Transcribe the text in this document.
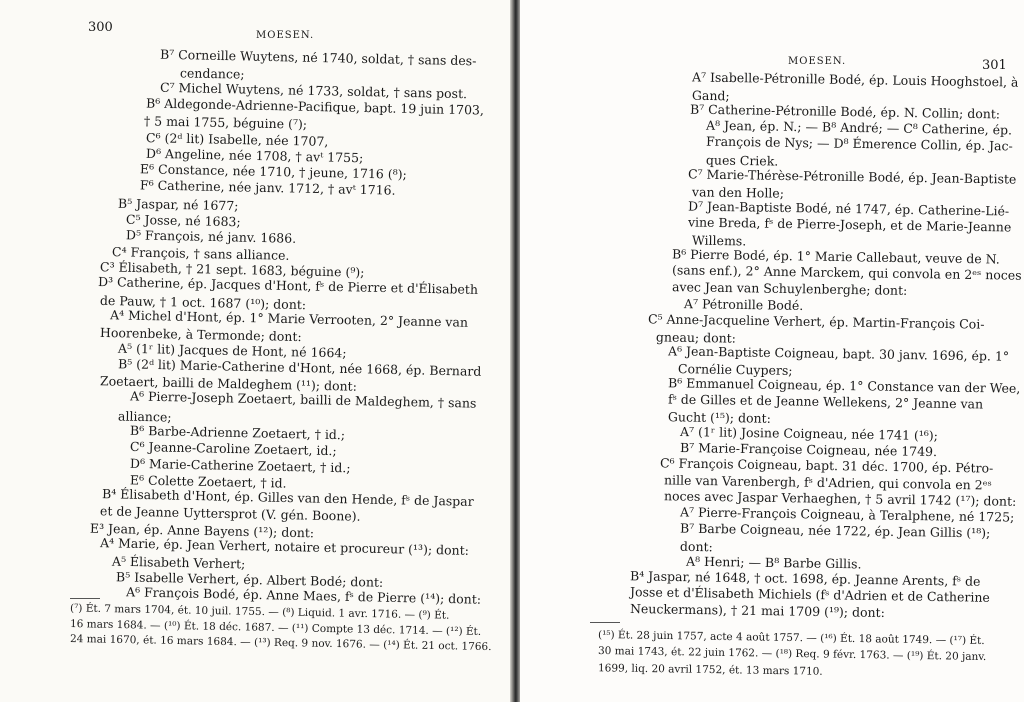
300
MOESEN.
B⁷ Corneille Wuytens, né 1740, soldat, † sans des-
cendance;
C⁷ Michel Wuytens, né 1733, soldat, † sans post.
B⁶ Aldegonde-Adrienne-Pacifique, bapt. 19 juin 1703,
† 5 mai 1755, béguine (⁷);
C⁶ (2ᵈ lit) Isabelle, née 1707,
D⁶ Angeline, née 1708, † avᵗ 1755;
E⁶ Constance, née 1710, † jeune, 1716 (⁸);
F⁶ Catherine, née janv. 1712, † avᵗ 1716.
B⁵ Jaspar, né 1677;
C⁵ Josse, né 1683;
D⁵ François, né janv. 1686.
C⁴ François, † sans alliance.
C³ Élisabeth, † 21 sept. 1683, béguine (⁹);
D³ Catherine, ép. Jacques d'Hont, fˢ de Pierre et d'Élisabeth
de Pauw, † 1 oct. 1687 (¹⁰); dont:
A⁴ Michel d'Hont, ép. 1° Marie Verrooten, 2° Jeanne van
Hoorenbeke, à Termonde; dont:
A⁵ (1ʳ lit) Jacques de Hont, né 1664;
B⁵ (2ᵈ lit) Marie-Catherine d'Hont, née 1668, ép. Bernard
Zoetaert, bailli de Maldeghem (¹¹); dont:
A⁶ Pierre-Joseph Zoetaert, bailli de Maldeghem, † sans
alliance;
B⁶ Barbe-Adrienne Zoetaert, † id.;
C⁶ Jeanne-Caroline Zoetaert, id.;
D⁶ Marie-Catherine Zoetaert, † id.;
E⁶ Colette Zoetaert, † id.
B⁴ Élisabeth d'Hont, ép. Gilles van den Hende, fˢ de Jaspar
et de Jeanne Uyttersprot (V. gén. Boone).
E³ Jean, ép. Anne Bayens (¹²); dont:
A⁴ Marie, ép. Jean Verhert, notaire et procureur (¹³); dont:
A⁵ Élisabeth Verhert;
B⁵ Isabelle Verhert, ép. Albert Bodé; dont:
A⁶ François Bodé, ép. Anne Maes, fˢ de Pierre (¹⁴); dont:
(⁷) Ét. 7 mars 1704, ét. 10 juil. 1755. — (⁸) Liquid. 1 avr. 1716. — (⁹) Ét.
16 mars 1684. — (¹⁰) Ét. 18 déc. 1687. — (¹¹) Compte 13 déc. 1714. — (¹²) Ét.
24 mai 1670, ét. 16 mars 1684. — (¹³) Req. 9 nov. 1676. — (¹⁴) Ét. 21 oct. 1766.
MOESEN.	301
A⁷ Isabelle-Pétronille Bodé, ép. Louis Hooghstoel, à
Gand;
B⁷ Catherine-Pétronille Bodé, ép. N. Collin; dont:
A⁸ Jean, ép. N.; — B⁸ André; — C⁸ Catherine, ép.
François de Nys; — D⁸ Émerence Collin, ép. Jac-
ques Criek.
C⁷ Marie-Thérèse-Pétronille Bodé, ép. Jean-Baptiste
van den Holle;
D⁷ Jean-Baptiste Bodé, né 1747, ép. Catherine-Lié-
vine Breda, fˢ de Pierre-Joseph, et de Marie-Jeanne
Willems.
B⁶ Pierre Bodé, ép. 1° Marie Callebaut, veuve de N.
(sans enf.), 2° Anne Marckem, qui convola en 2ᵉˢ noces
avec Jean van Schuylenberghe; dont:
A⁷ Pétronille Bodé.
C⁵ Anne-Jacqueline Verhert, ép. Martin-François Coi-
gneau; dont:
A⁶ Jean-Baptiste Coigneau, bapt. 30 janv. 1696, ép. 1°
Cornélie Cuypers;
B⁶ Emmanuel Coigneau, ép. 1° Constance van der Wee,
fˢ de Gilles et de Jeanne Wellekens, 2° Jeanne van
Gucht (¹⁵); dont:
A⁷ (1ʳ lit) Josine Coigneau, née 1741 (¹⁶);
B⁷ Marie-Françoise Coigneau, née 1749.
C⁶ François Coigneau, bapt. 31 déc. 1700, ép. Pétro-
nille van Varenbergh, fˢ d'Adrien, qui convola en 2ᵉˢ
noces avec Jaspar Verhaeghen, † 5 avril 1742 (¹⁷); dont:
A⁷ Pierre-François Coigneau, à Teralphene, né 1725;
B⁷ Barbe Coigneau, née 1722, ép. Jean Gillis (¹⁸);
dont:
A⁸ Henri; — B⁸ Barbe Gillis.
B⁴ Jaspar, né 1648, † oct. 1698, ép. Jeanne Arents, fˢ de
Josse et d'Élisabeth Michiels (fˢ d'Adrien et de Catherine
Neuckermans), † 21 mai 1709 (¹⁹); dont:
(¹⁵) Ét. 28 juin 1757, acte 4 août 1757. — (¹⁶) Ét. 18 août 1749. — (¹⁷) Ét.
30 mai 1743, ét. 22 juin 1762. — (¹⁸) Req. 9 févr. 1763. — (¹⁹) Ét. 20 janv.
1699, liq. 20 avril 1752, ét. 13 mars 1710.
